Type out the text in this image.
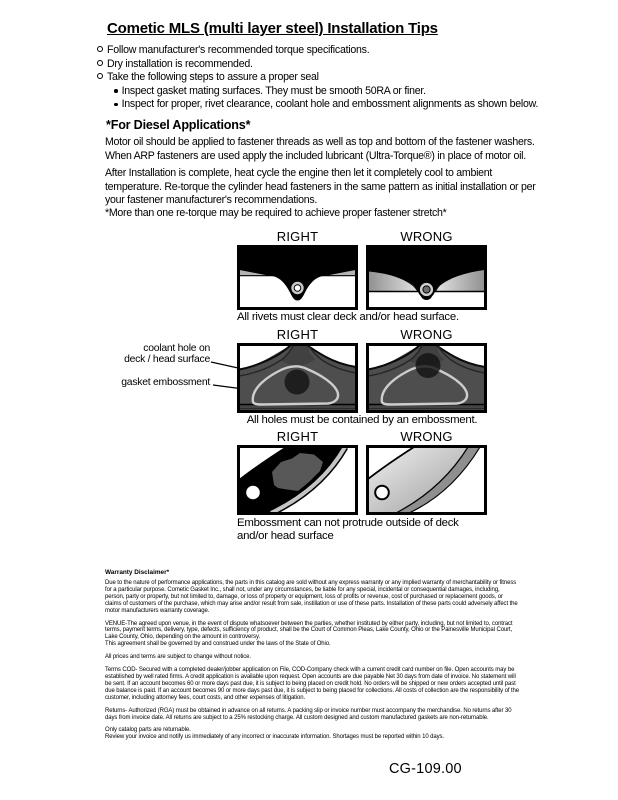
Cometic MLS (multi layer steel) Installation Tips
Follow manufacturer's recommended torque specifications.
Dry installation is recommended.
Take the following steps to assure a proper seal
Inspect gasket mating surfaces. They must be smooth 50RA or finer.
Inspect for proper, rivet clearance, coolant hole and embossment alignments as shown below.
*For Diesel Applications*
Motor oil should be applied to fastener threads as well as top and bottom of the fastener washers. When ARP fasteners are used apply the included lubricant (Ultra-Torque®) in place of motor oil.
After Installation is complete, heat cycle the engine then let it completely cool to ambient temperature. Re-torque the cylinder head fasteners in the same pattern as initial installation or per your fastener manufacturer's recommendations.
*More than one re-torque may be required to achieve proper fastener stretch*
RIGHT	WRONG
All rivets must clear deck and/or head surface.
RIGHT	WRONG
coolant hole on
deck / head surface
gasket embossment
All holes must be contained by an embossment.
RIGHT	WRONG
Embossment can not protrude outside of deck
and/or head surface
Warranty Disclaimer*

Due to the nature of performance applications, the parts in this catalog are sold without any express warranty or any implied warranty of merchantability or fitness for a particular purpose. Cometic Gasket Inc., shall not, under any circumstances, be liable for any special, incidental or consequential damages, including, person, party or property, but not limited to, damage, or loss of property or equipment, loss of profits or revenue, cost of purchased or replacement goods, or claims of customers of the purchase, which may arise and/or result from sale, instillation or use of these parts. Installation of these parts could adversely affect the motor manufacturers warranty coverage.

VENUE-The agreed upon venue, in the event of dispute whatsoever between the parties, whether instituted by either party, including, but not limited to, contract terms, payment terms, delivery, type, defects, sufficiency of product, shall be the Court of Common Pleas, Lake County, Ohio or the Painesville Municipal Court, Lake County, Ohio, depending on the amount in controversy.

This agreement shall be governed by and construed under the laws of the State of Ohio.

All prices and terms are subject to change without notice.

Terms COD- Secured with a completed dealer/jobber application on File, COD-Company check with a current credit card number on file. Open accounts may be established by well rated firms. A credit application is available upon request. Open accounts are due payable Net 30 days from date of invoice. No statement will be sent. If an account becomes 60 or more days past due, it is subject to being placed on credit hold. No orders will be shipped or new orders accepted until past due balance is paid. If an account becomes 90 or more days past due, it is subject to being placed for collections. All costs of collection are the responsibility of the customer, including attorney fees, court costs, and other expenses of litigation.

Returns- Authorized (RGA) must be obtained in advance on all returns. A packing slip or invoice number must accompany the merchandise. No returns after 30 days from invoice date. All returns are subject to a 25% restocking charge. All custom designed and custom manufactured gaskets are non-returnable.

Only catalog parts are returnable.

Review your invoice and notify us immediately of any incorrect or inaccurate information. Shortages must be reported within 10 days.

CG-109.00
